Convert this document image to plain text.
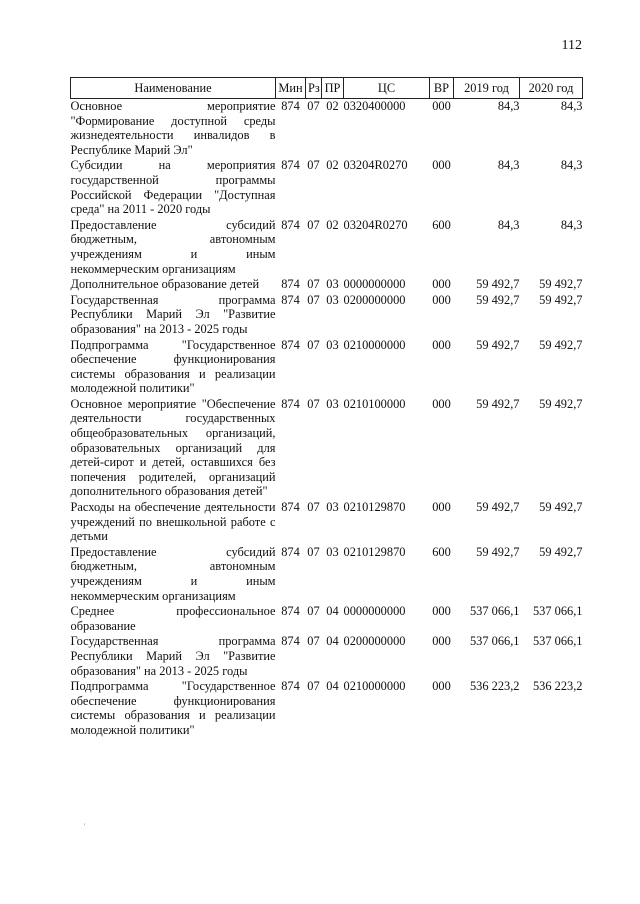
112
Наименование	Мин	Рз	ПР	ЦС	ВР	2019 год	2020 год
Основное мероприятие "Формирование доступной среды жизнедеятельности инвалидов в Республике Марий Эл"	874	07	02	0320400000	000	84,3	84,3
Субсидии на мероприятия государственной программы Российской Федерации "Доступная среда" на 2011 - 2020 годы	874	07	02	03204R0270	000	84,3	84,3
Предоставление субсидий бюджетным, автономным учреждениям и иным некоммерческим организациям	874	07	02	03204R0270	600	84,3	84,3
Дополнительное образование детей	874	07	03	0000000000	000	59 492,7	59 492,7
Государственная программа Республики Марий Эл "Развитие образования" на 2013 - 2025 годы	874	07	03	0200000000	000	59 492,7	59 492,7
Подпрограмма "Государственное обеспечение функционирования системы образования и реализации молодежной политики"	874	07	03	0210000000	000	59 492,7	59 492,7
Основное мероприятие "Обеспечение деятельности государственных общеобразовательных организаций, образовательных организаций для детей-сирот и детей, оставшихся без попечения родителей, организаций дополнительного образования детей"	874	07	03	0210100000	000	59 492,7	59 492,7
Расходы на обеспечение деятельности учреждений по внешкольной работе с детьми	874	07	03	0210129870	000	59 492,7	59 492,7
Предоставление субсидий бюджетным, автономным учреждениям и иным некоммерческим организациям	874	07	03	0210129870	600	59 492,7	59 492,7
Среднее профессиональное образование	874	07	04	0000000000	000	537 066,1	537 066,1
Государственная программа Республики Марий Эл "Развитие образования" на 2013 - 2025 годы	874	07	04	0200000000	000	537 066,1	537 066,1
Подпрограмма "Государственное обеспечение функционирования системы образования и реализации молодежной политики"	874	07	04	0210000000	000	536 223,2	536 223,2
'
